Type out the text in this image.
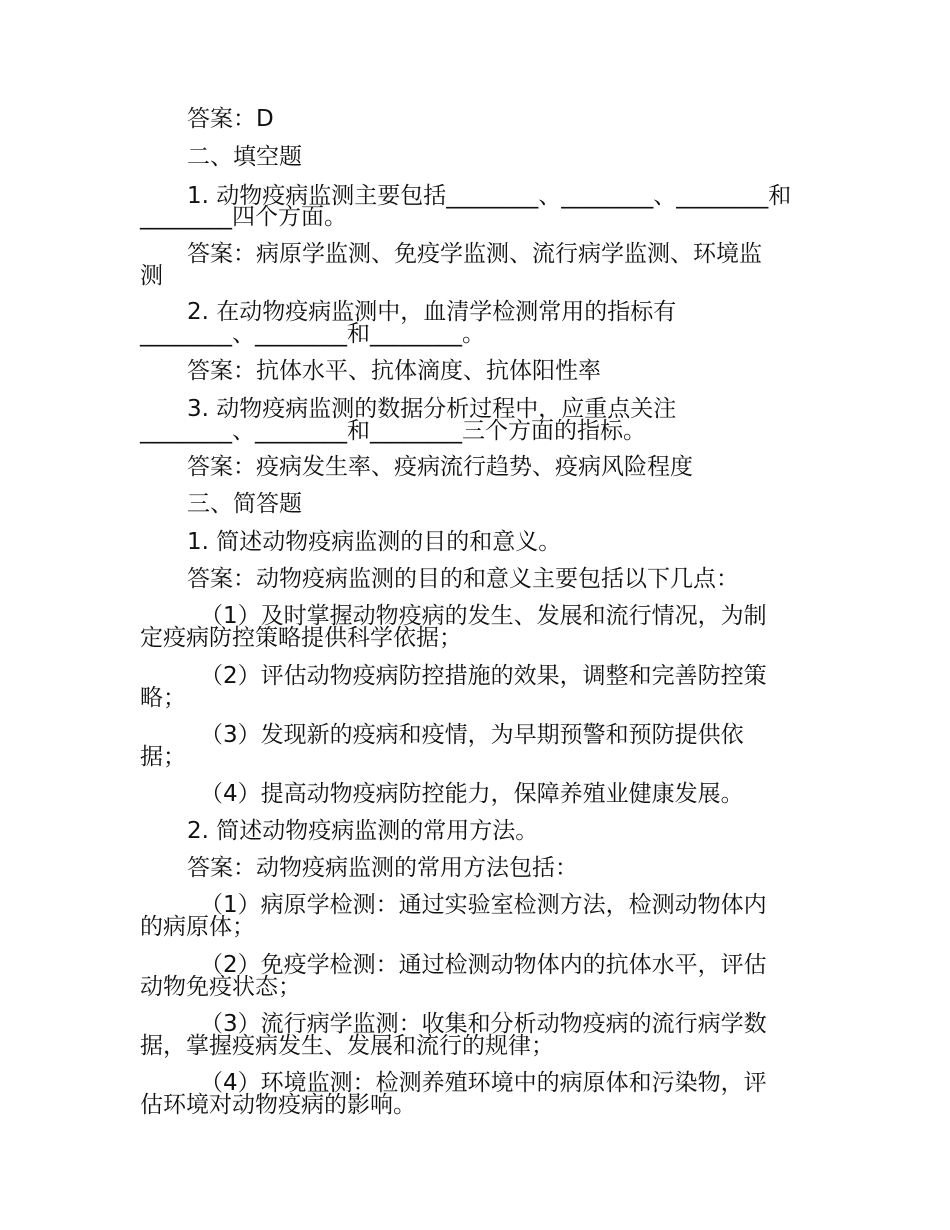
答案：D
二、填空题
1. 动物疫病监测主要包括________、________、________和
________四个方面。
答案：病原学监测、免疫学监测、流行病学监测、环境监
测
2. 在动物疫病监测中，血清学检测常用的指标有
________、________和________。
答案：抗体水平、抗体滴度、抗体阳性率
3. 动物疫病监测的数据分析过程中，应重点关注
________、________和________三个方面的指标。
答案：疫病发生率、疫病流行趋势、疫病风险程度
三、简答题
1. 简述动物疫病监测的目的和意义。
答案：动物疫病监测的目的和意义主要包括以下几点：
（1）及时掌握动物疫病的发生、发展和流行情况，为制
定疫病防控策略提供科学依据；
（2）评估动物疫病防控措施的效果，调整和完善防控策
略；
（3）发现新的疫病和疫情，为早期预警和预防提供依
据；
（4）提高动物疫病防控能力，保障养殖业健康发展。
2. 简述动物疫病监测的常用方法。
答案：动物疫病监测的常用方法包括：
（1）病原学检测：通过实验室检测方法，检测动物体内
的病原体；
（2）免疫学检测：通过检测动物体内的抗体水平，评估
动物免疫状态；
（3）流行病学监测：收集和分析动物疫病的流行病学数
据，掌握疫病发生、发展和流行的规律；
（4）环境监测：检测养殖环境中的病原体和污染物，评
估环境对动物疫病的影响。
